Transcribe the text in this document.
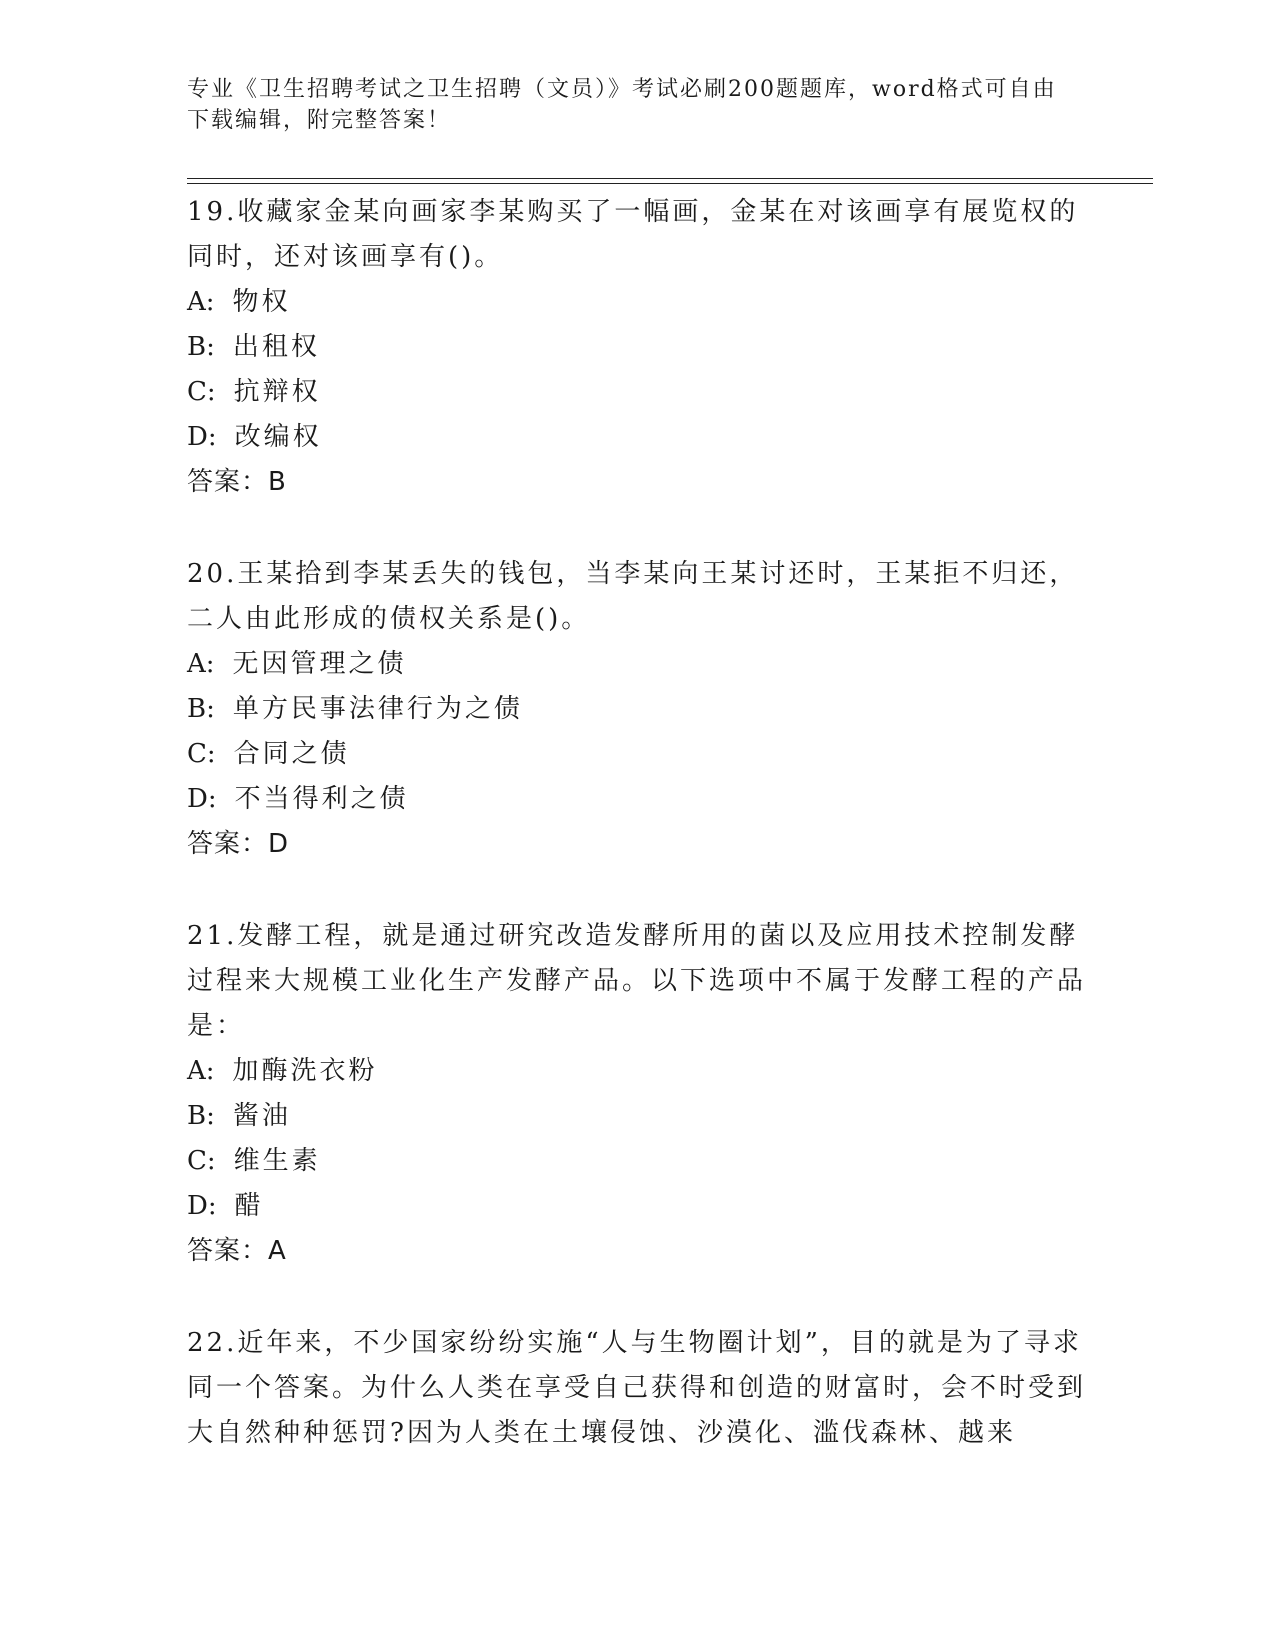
专业《卫生招聘考试之卫生招聘（文员）》考试必刷200题题库，word格式可自由下载编辑，附完整答案！
19.收藏家金某向画家李某购买了一幅画，金某在对该画享有展览权的同时，还对该画享有()。
A: 物权
B: 出租权
C: 抗辩权
D: 改编权
答案：B
20.王某拾到李某丢失的钱包，当李某向王某讨还时，王某拒不归还，二人由此形成的债权关系是()。
A: 无因管理之债
B: 单方民事法律行为之债
C: 合同之债
D: 不当得利之债
答案：D
21.发酵工程，就是通过研究改造发酵所用的菌以及应用技术控制发酵过程来大规模工业化生产发酵产品。以下选项中不属于发酵工程的产品是：
A: 加酶洗衣粉
B: 酱油
C: 维生素
D: 醋
答案：A
22.近年来，不少国家纷纷实施“人与生物圈计划”，目的就是为了寻求同一个答案。为什么人类在享受自己获得和创造的财富时，会不时受到大自然种种惩罚?因为人类在土壤侵蚀、沙漠化、滥伐森林、越来
